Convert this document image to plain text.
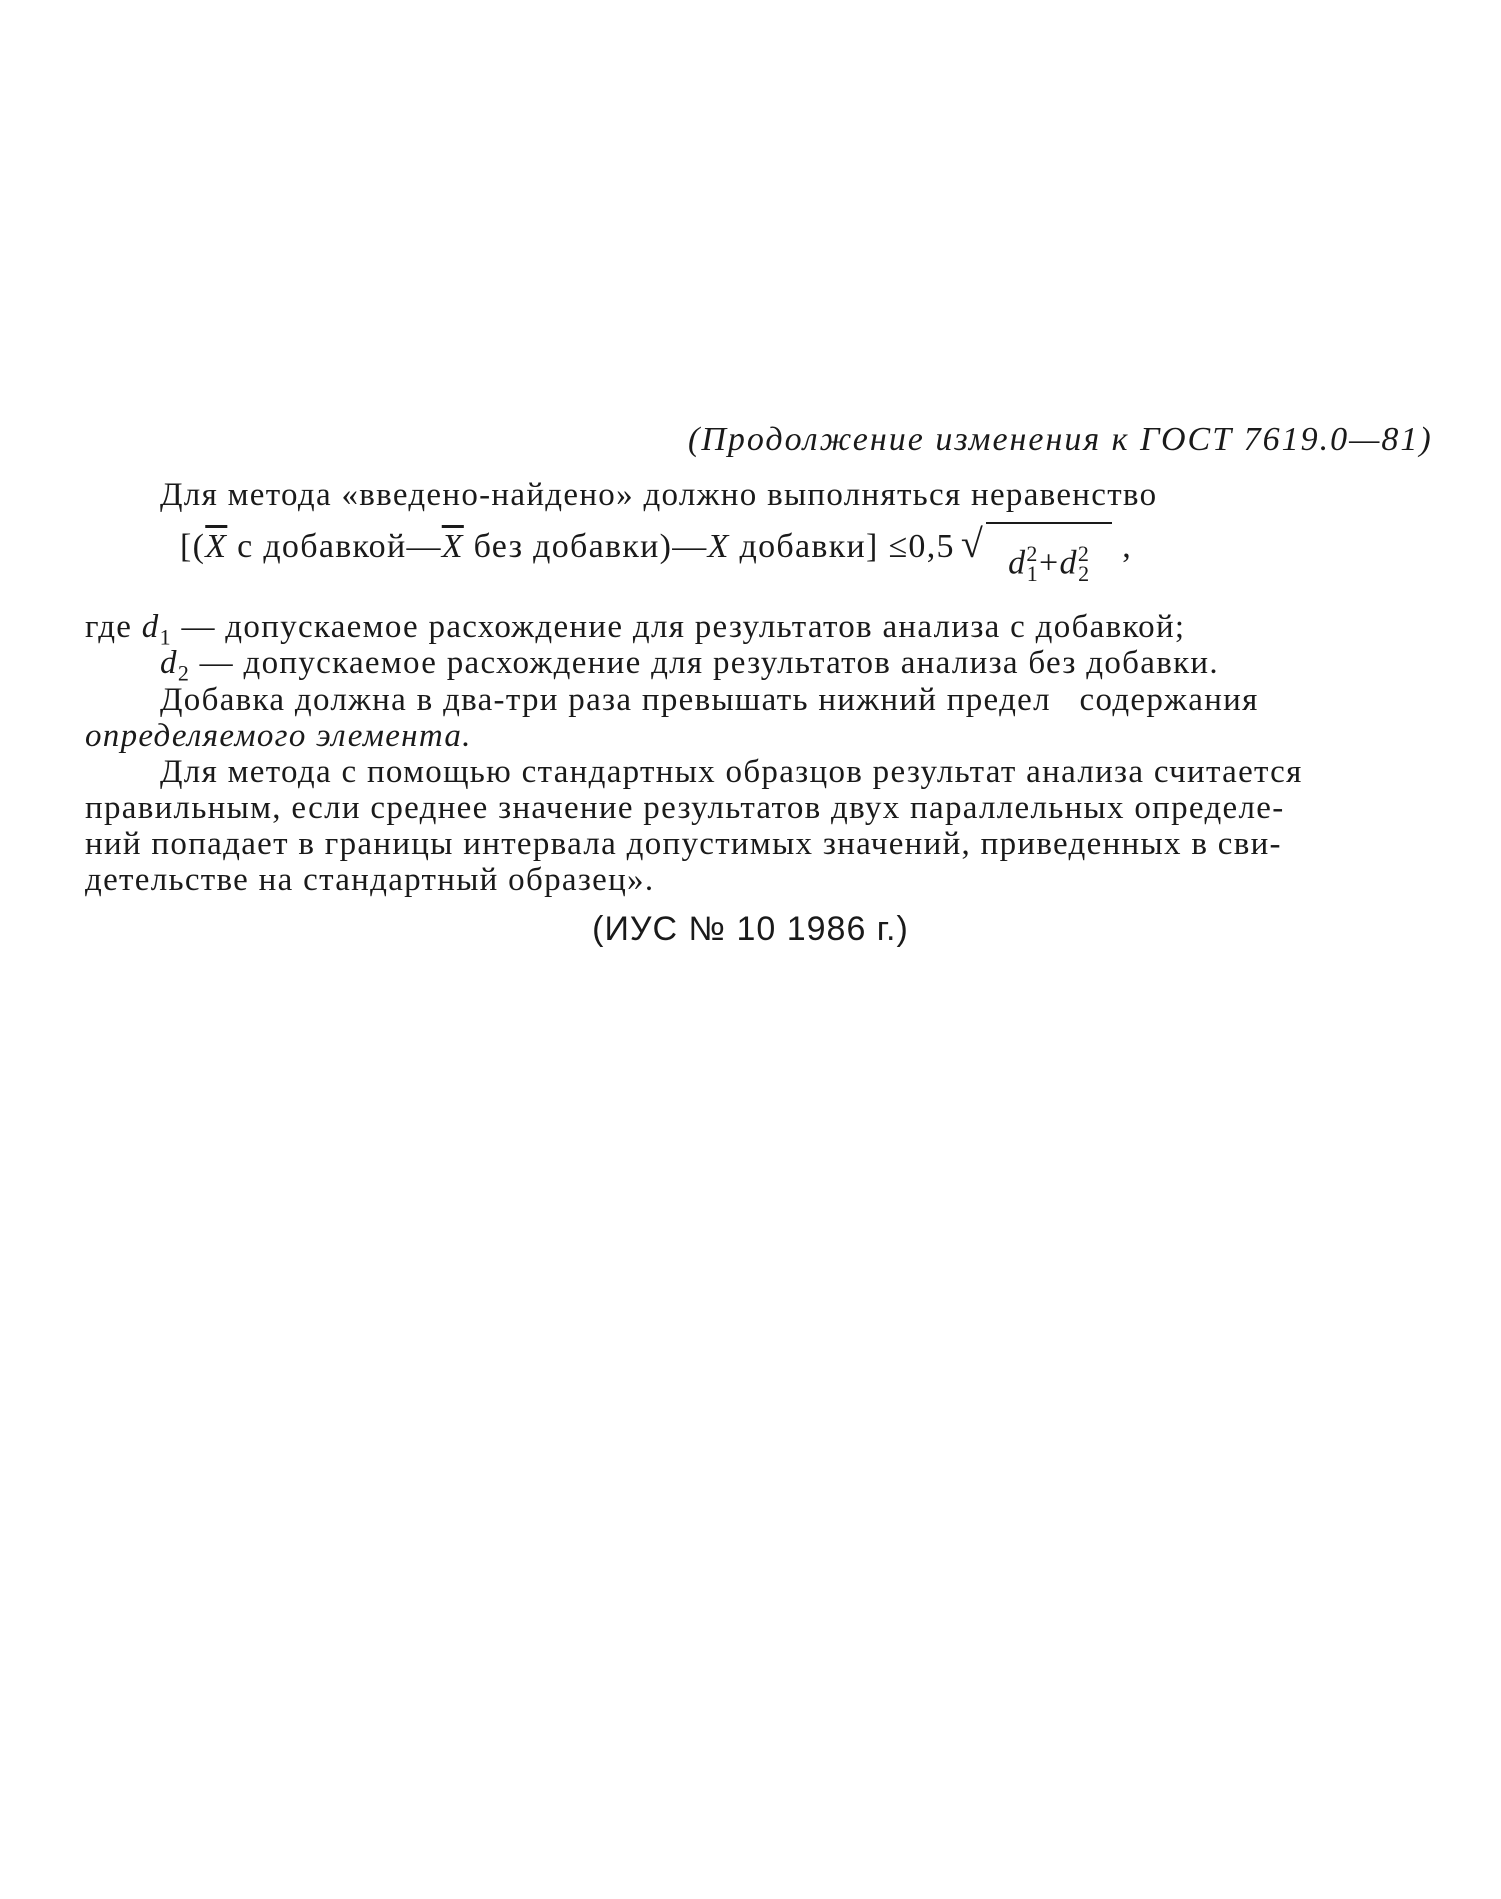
(Продолжение изменения к ГОСТ 7619.0—81)
Для метода «введено-найдено» должно выполняться неравенство
[($\overline{X}$ с $добавкой—\overline{X}$ без добавки)—X добавки] ≤0,5 √ $d^2_1+d^2_2$ ,
где $d_1$ — допускаемое расхождение для результатов анализа с добавкой;
$d_2$ — допускаемое расхождение для результатов анализа без добавки.
Добавка должна в два-три раза превышать нижний предел   содержания
определяемого элемента.
Для метода с помощью стандартных образцов результат анализа считается
правильным, если среднее значение результатов двух параллельных определе-
ний попадает в границы интервала допустимых значений, приведенных в сви-
детельстве на стандартный образец».
(ИУС № 10 1986 г.)
